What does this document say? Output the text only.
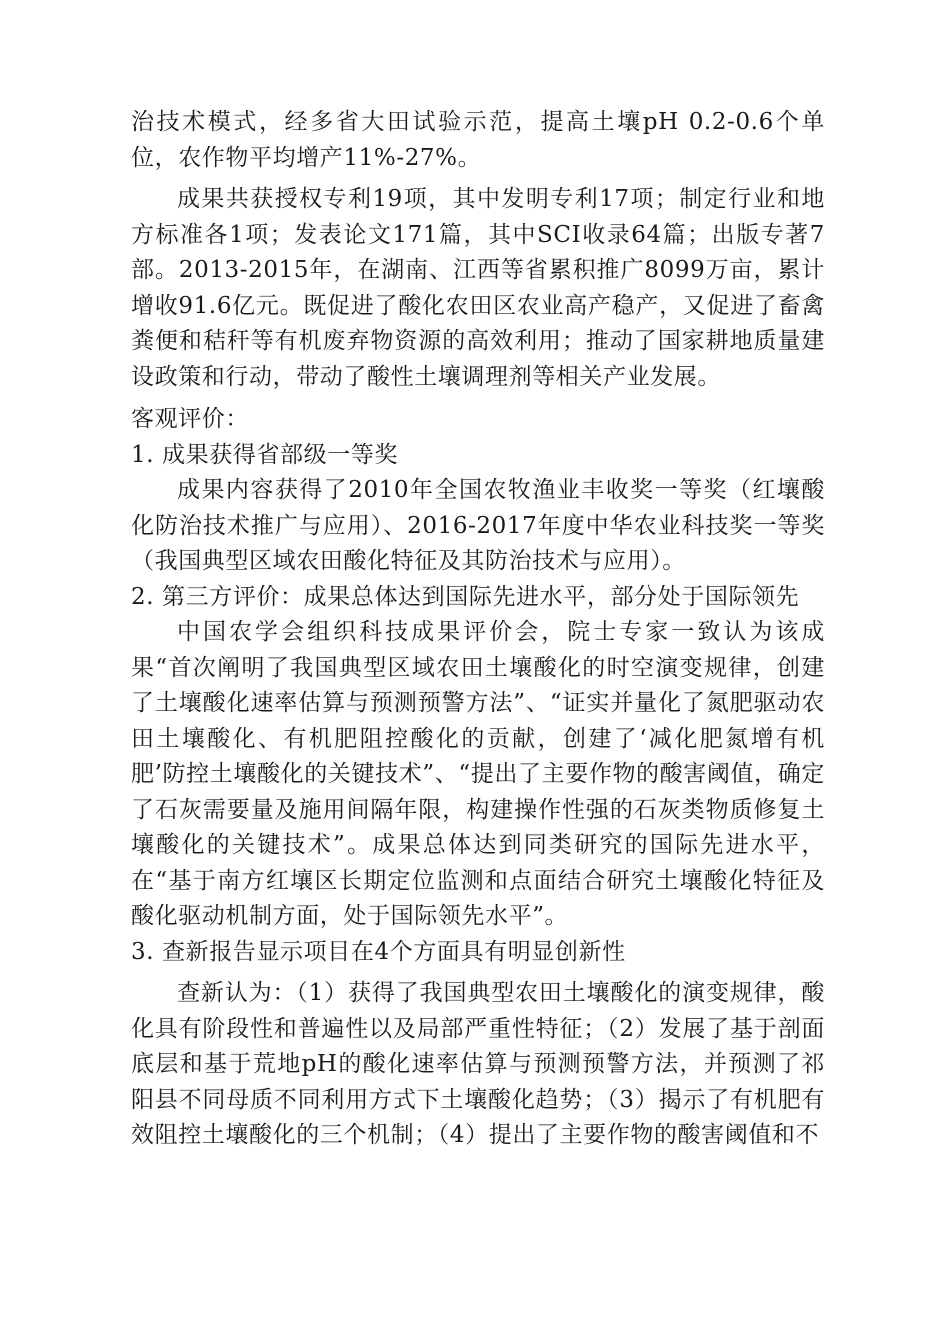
治技术模式，经多省大田试验示范，提高土壤pH 0.2-0.6个单位，农作物平均增产11%-27%。

成果共获授权专利19项，其中发明专利17项；制定行业和地方标准各1项；发表论文171篇，其中SCI收录64篇；出版专著7部。2013-2015年，在湖南、江西等省累积推广8099万亩，累计增收91.6亿元。既促进了酸化农田区农业高产稳产，又促进了畜禽粪便和秸秆等有机废弃物资源的高效利用；推动了国家耕地质量建设政策和行动，带动了酸性土壤调理剂等相关产业发展。

客观评价：

1. 成果获得省部级一等奖

成果内容获得了2010年全国农牧渔业丰收奖一等奖（红壤酸化防治技术推广与应用）、2016-2017年度中华农业科技奖一等奖（我国典型区域农田酸化特征及其防治技术与应用）。

2. 第三方评价：成果总体达到国际先进水平，部分处于国际领先

中国农学会组织科技成果评价会，院士专家一致认为该成果“首次阐明了我国典型区域农田土壤酸化的时空演变规律，创建了土壤酸化速率估算与预测预警方法”、“证实并量化了氮肥驱动农田土壤酸化、有机肥阻控酸化的贡献，创建了‘减化肥氮增有机肥’防控土壤酸化的关键技术”、“提出了主要作物的酸害阈值，确定了石灰需要量及施用间隔年限，构建操作性强的石灰类物质修复土壤酸化的关键技术”。成果总体达到同类研究的国际先进水平，在“基于南方红壤区长期定位监测和点面结合研究土壤酸化特征及酸化驱动机制方面，处于国际领先水平”。

3. 查新报告显示项目在4个方面具有明显创新性

查新认为：（1）获得了我国典型农田土壤酸化的演变规律，酸化具有阶段性和普遍性以及局部严重性特征；（2）发展了基于剖面底层和基于荒地pH的酸化速率估算与预测预警方法，并预测了祁阳县不同母质不同利用方式下土壤酸化趋势；（3）揭示了有机肥有效阻控土壤酸化的三个机制；（4）提出了主要作物的酸害阈值和不
